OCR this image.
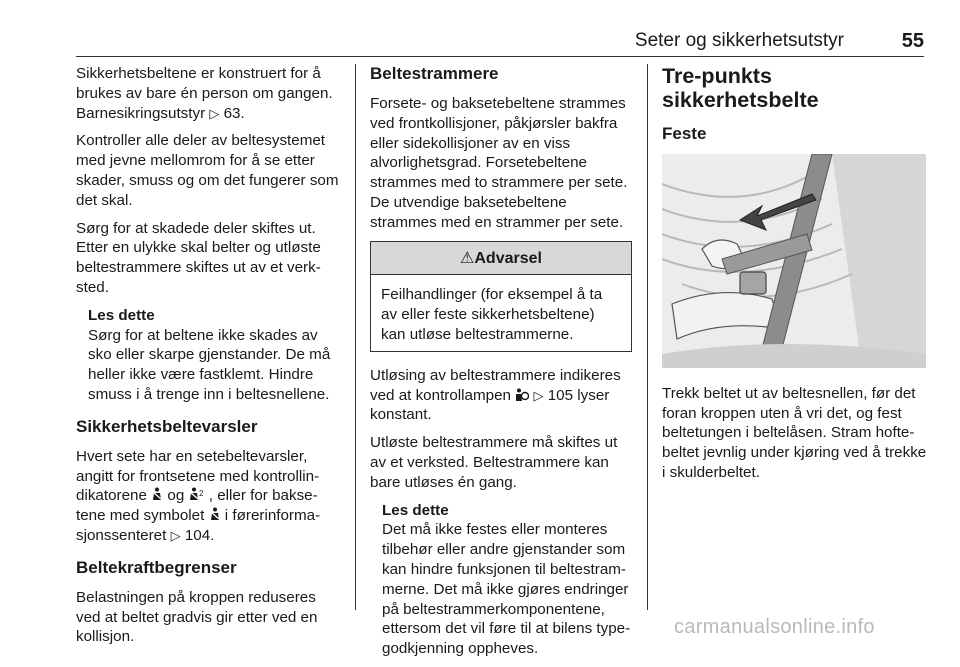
Seter og sikkerhetsutstyr	55

Sikkerhetsbeltene er konstruert for å brukes av bare én person om gangen. Barnesikringsutstyr ▷ 63.

Kontroller alle deler av beltesystemet med jevne mellomrom for å se etter skader, smuss og om det fungerer som det skal.

Sørg for at skadede deler skiftes ut. Etter en ulykke skal belter og utløste beltestrammere skiftes ut av et verksted.

Les dette
Sørg for at beltene ikke skades av sko eller skarpe gjenstander. De må heller ikke være fastklemt. Hindre smuss i å trenge inn i beltesnellene.

Sikkerhetsbeltevarsler

Hvert sete har en setebeltevarsler, angitt for frontsetene med kontrollindikatorene og 2 , eller for baksetene med symbolet i førerinformasjonssenteret ▷ 104.

Beltekraftbegrenser

Belastningen på kroppen reduseres ved at beltet gradvis gir etter ved en kollisjon.

Beltestrammere

Forsete- og baksetebeltene strammes ved frontkollisjoner, påkjørsler bakfra eller sidekollisjoner av en viss alvorlighetsgrad. Forsetebeltene strammes med to strammere per sete. De utvendige baksetebeltene strammes med en strammer per sete.

⚠Advarsel
Feilhandlinger (for eksempel å ta av eller feste sikkerhetsbeltene) kan utløse beltestrammerne.

Utløsing av beltestrammere indikeres ved at kontrollampen ▷ 105 lyser konstant.

Utløste beltestrammere må skiftes ut av et verksted. Beltestrammere kan bare utløses én gang.

Les dette
Det må ikke festes eller monteres tilbehør eller andre gjenstander som kan hindre funksjonen til beltestrammerne. Det må ikke gjøres endringer på beltestrammerkomponentene, ettersom det vil føre til at bilens typegodkjenning oppheves.

Tre-punkts sikkerhetsbelte
Feste

Trekk beltet ut av beltesnellen, før det foran kroppen uten å vri det, og fest beltetungen i beltelåsen. Stram hoftebeltet jevnlig under kjøring ved å trekke i skulderbeltet.

carmanualsonline.info
